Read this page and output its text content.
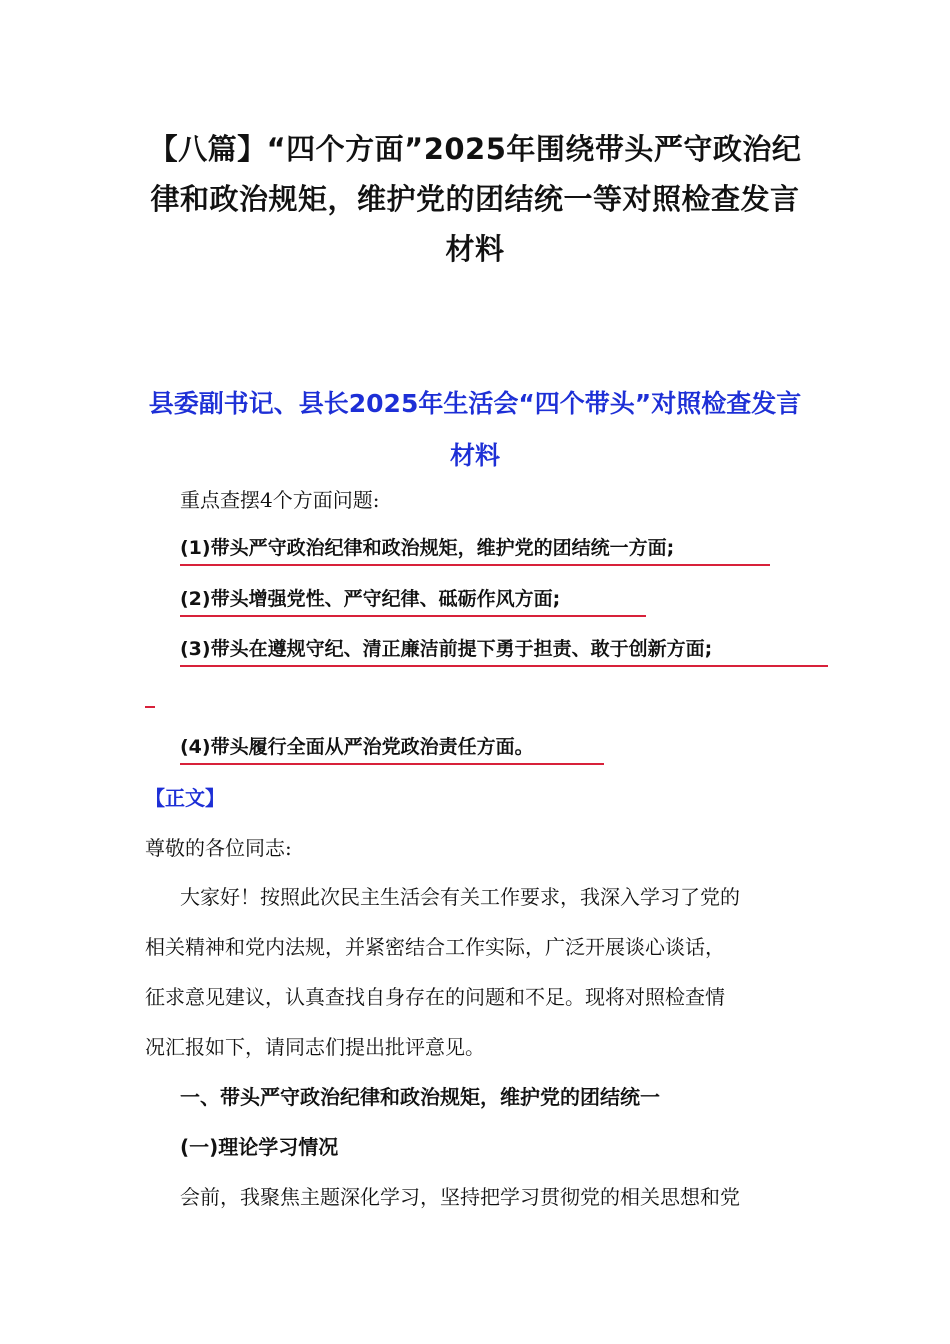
【八篇】“四个方面”2025年围绕带头严守政治纪律和政治规矩，维护党的团结统一等对照检查发言材料
县委副书记、县长2025年生活会“四个带头”对照检查发言材料
重点查摆4个方面问题:
(1)带头严守政治纪律和政治规矩，维护党的团结统一方面;
(2)带头增强党性、严守纪律、砥砺作风方面;
(3)带头在遵规守纪、清正廉洁前提下勇于担责、敢于创新方面;
(4)带头履行全面从严治党政治责任方面。
【正文】
尊敬的各位同志:
大家好！按照此次民主生活会有关工作要求，我深入学习了党的
相关精神和党内法规，并紧密结合工作实际，广泛开展谈心谈话，
征求意见建议，认真查找自身存在的问题和不足。现将对照检查情
况汇报如下，请同志们提出批评意见。
一、带头严守政治纪律和政治规矩，维护党的团结统一
(一)理论学习情况
会前，我聚焦主题深化学习，坚持把学习贯彻党的相关思想和党
